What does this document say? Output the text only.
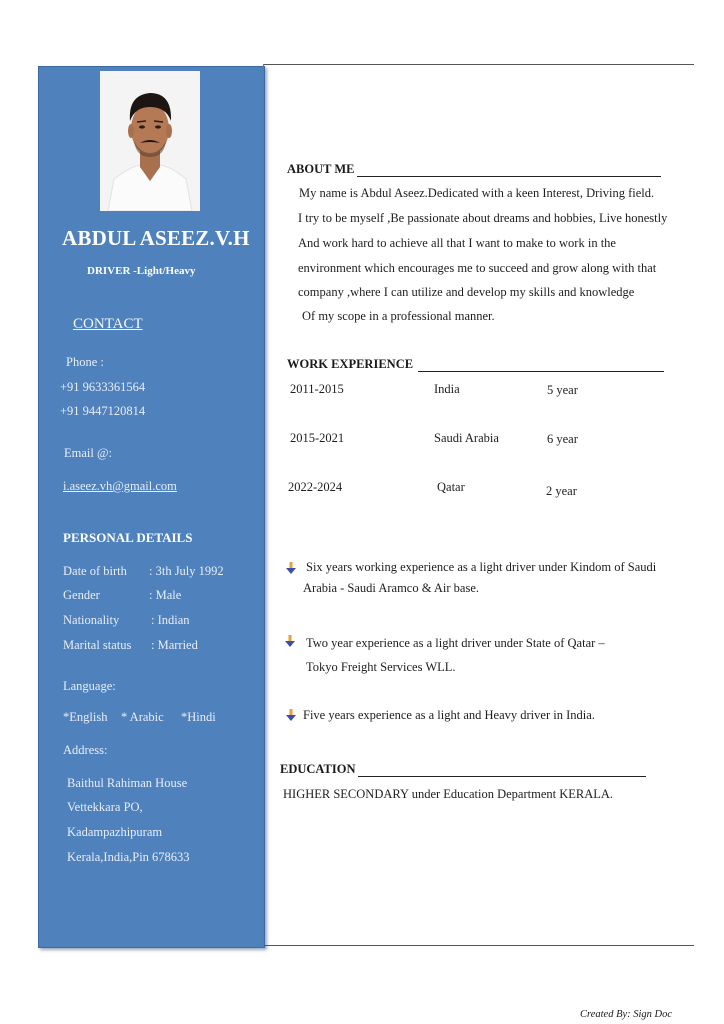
ABDUL ASEEZ.V.H
DRIVER -Light/Heavy
CONTACT
Phone :
+91 9633361564
+91 9447120814
Email @:
i.aseez.vh@gmail.com
PERSONAL DETAILS
Date of birth : 3th July 1992
Gender	: Male
Nationality	: Indian
Marital status : Married
Language:
*English * Arabic *Hindi
Address:
Baithul Rahiman House
Vettekkara PO,
Kadampazhipuram
Kerala,India,Pin 678633
ABOUT ME
My name is Abdul Aseez.Dedicated with a keen Interest, Driving field.
I try to be myself ,Be passionate about dreams and hobbies, Live honestly
And work hard to achieve all that I want to make to work in the
environment which encourages me to succeed and grow along with that
company ,where I can utilize and develop my skills and knowledge
Of my scope in a professional manner.
WORK EXPERIENCE
2011-2015	India	5 year
2015-2021	Saudi Arabia	6 year
2022-2024	Qatar	2 year
Six years working experience as a light driver under Kindom of Saudi
Arabia - Saudi Aramco & Air base.
Two year experience as a light driver under State of Qatar –
Tokyo Freight Services WLL.
Five years experience as a light and Heavy driver in India.
EDUCATION
HIGHER SECONDARY under Education Department KERALA.
Created By: Sign Doc
